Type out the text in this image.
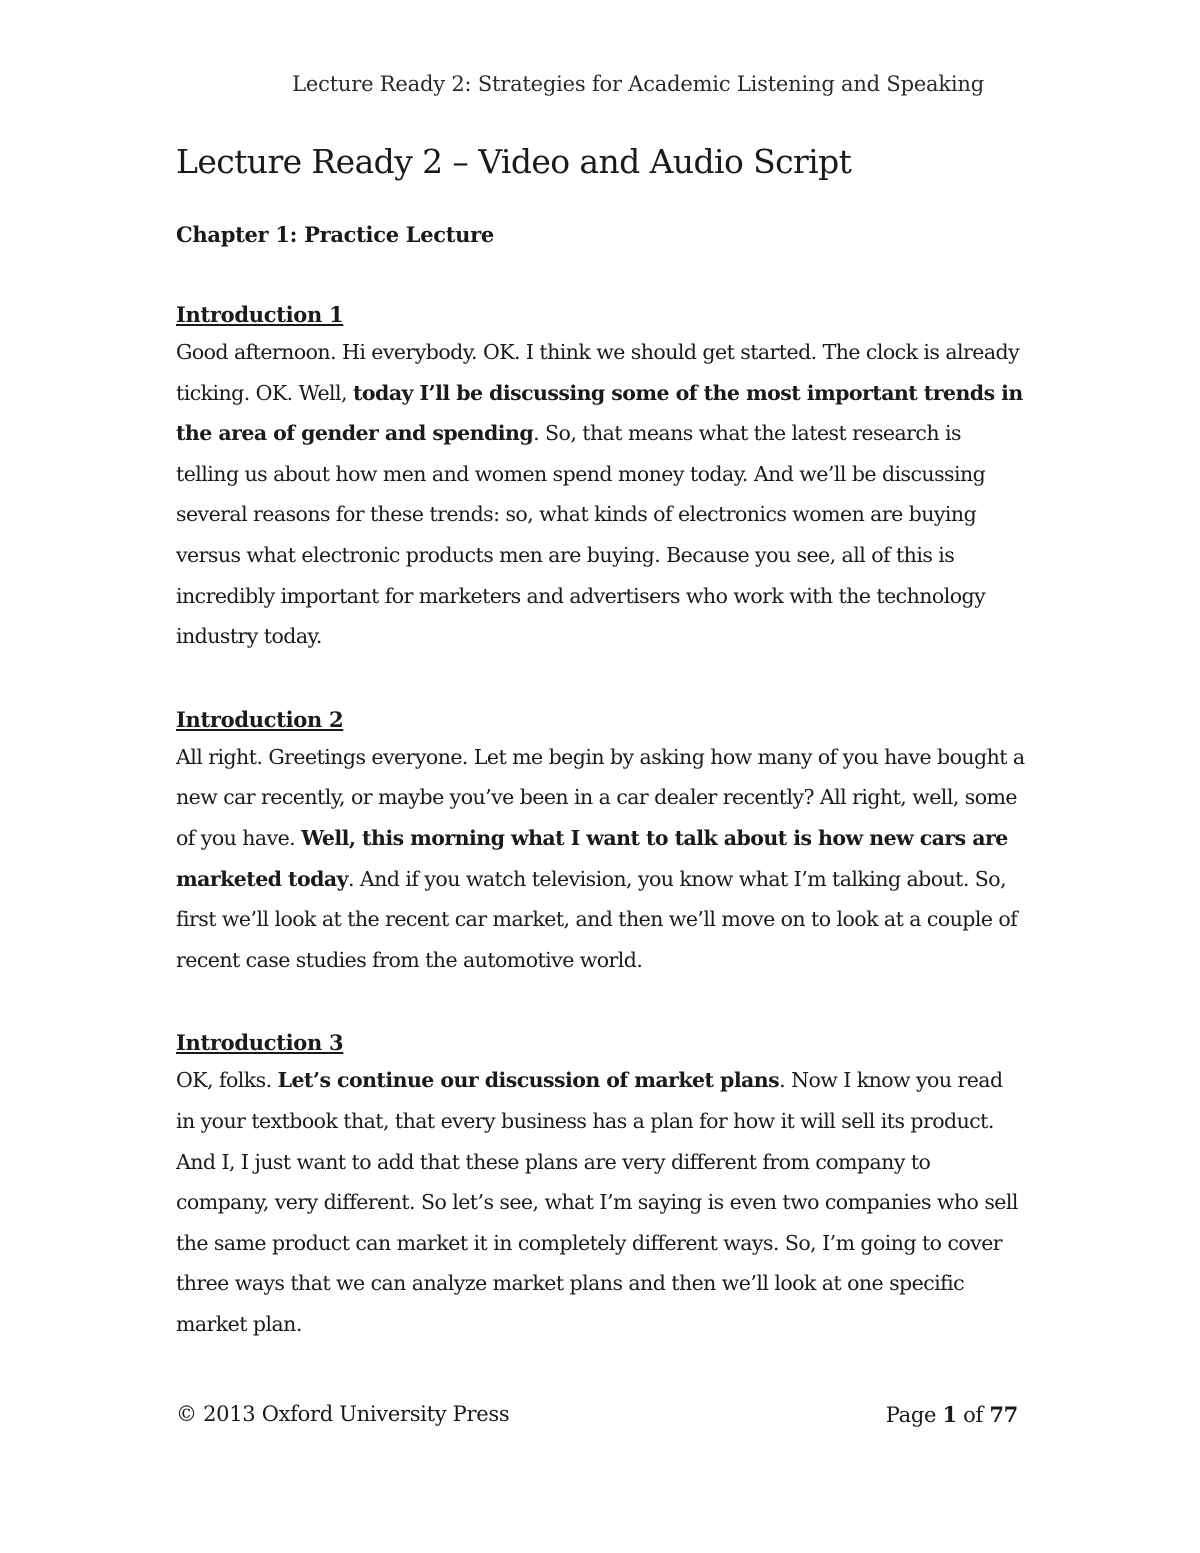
Lecture Ready 2: Strategies for Academic Listening and Speaking
Lecture Ready 2 – Video and Audio Script
Chapter 1: Practice Lecture
Introduction 1

Good afternoon. Hi everybody. OK. I think we should get started. The clock is already ticking. OK. Well, today I’ll be discussing some of the most important trends in the area of gender and spending. So, that means what the latest research is telling us about how men and women spend money today. And we’ll be discussing several reasons for these trends: so, what kinds of electronics women are buying versus what electronic products men are buying. Because you see, all of this is incredibly important for marketers and advertisers who work with the technology industry today.

Introduction 2

All right. Greetings everyone. Let me begin by asking how many of you have bought a new car recently, or maybe you’ve been in a car dealer recently? All right, well, some of you have. Well, this morning what I want to talk about is how new cars are marketed today. And if you watch television, you know what I’m talking about. So, first we’ll look at the recent car market, and then we’ll move on to look at a couple of recent case studies from the automotive world.

Introduction 3

OK, folks. Let’s continue our discussion of market plans. Now I know you read in your textbook that, that every business has a plan for how it will sell its product. And I, I just want to add that these plans are very different from company to company, very different. So let’s see, what I’m saying is even two companies who sell the same product can market it in completely different ways. So, I’m going to cover three ways that we can analyze market plans and then we’ll look at one specific market plan.

© 2013 Oxford University Press	Page 1 of 77
